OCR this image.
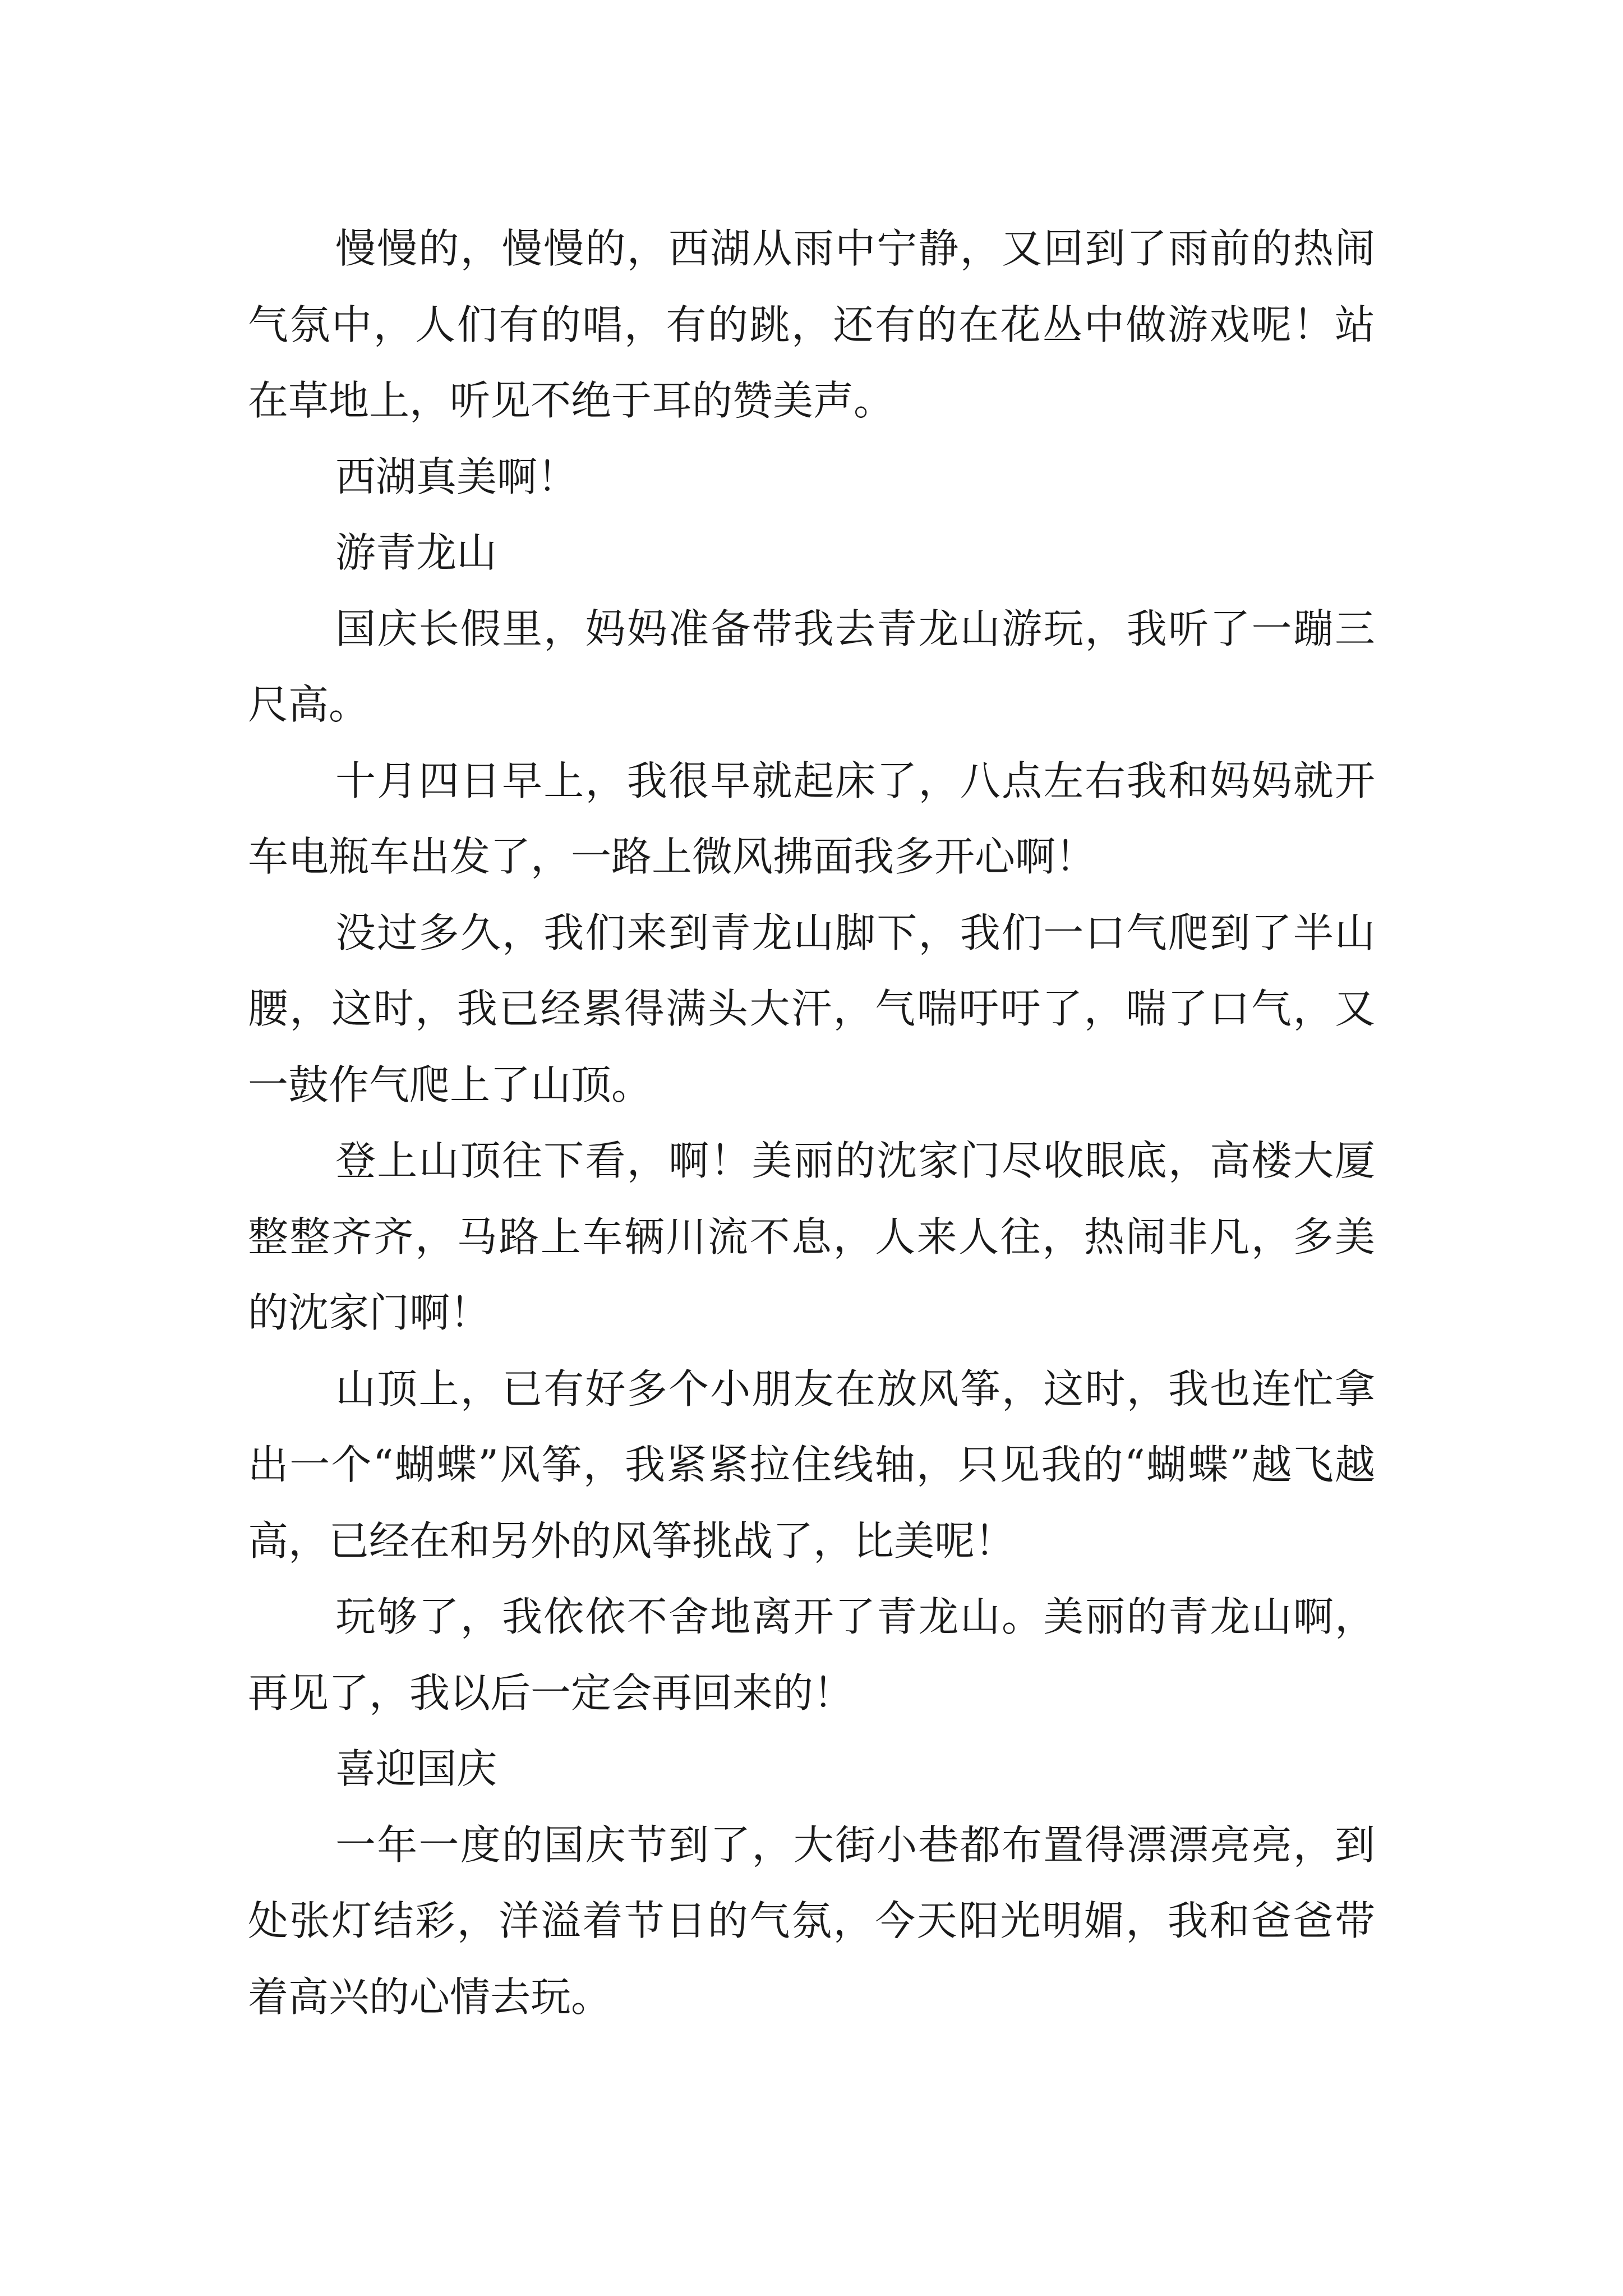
慢慢的，慢慢的，西湖从雨中宁静，又回到了雨前的热闹气氛中，人们有的唱，有的跳，还有的在花丛中做游戏呢！站在草地上，听见不绝于耳的赞美声。

西湖真美啊！

游青龙山

国庆长假里，妈妈准备带我去青龙山游玩，我听了一蹦三尺高。

十月四日早上，我很早就起床了，八点左右我和妈妈就开车电瓶车出发了，一路上微风拂面我多开心啊！

没过多久，我们来到青龙山脚下，我们一口气爬到了半山腰，这时，我已经累得满头大汗，气喘吁吁了，喘了口气，又一鼓作气爬上了山顶。

登上山顶往下看，啊！美丽的沈家门尽收眼底，高楼大厦整整齐齐，马路上车辆川流不息，人来人往，热闹非凡，多美的沈家门啊！

山顶上，已有好多个小朋友在放风筝，这时，我也连忙拿出一个“蝴蝶”风筝，我紧紧拉住线轴，只见我的“蝴蝶”越飞越高，已经在和另外的风筝挑战了，比美呢！

玩够了，我依依不舍地离开了青龙山。美丽的青龙山啊，再见了，我以后一定会再回来的！

喜迎国庆

一年一度的国庆节到了，大街小巷都布置得漂漂亮亮，到处张灯结彩，洋溢着节日的气氛，今天阳光明媚，我和爸爸带着高兴的心情去玩。
